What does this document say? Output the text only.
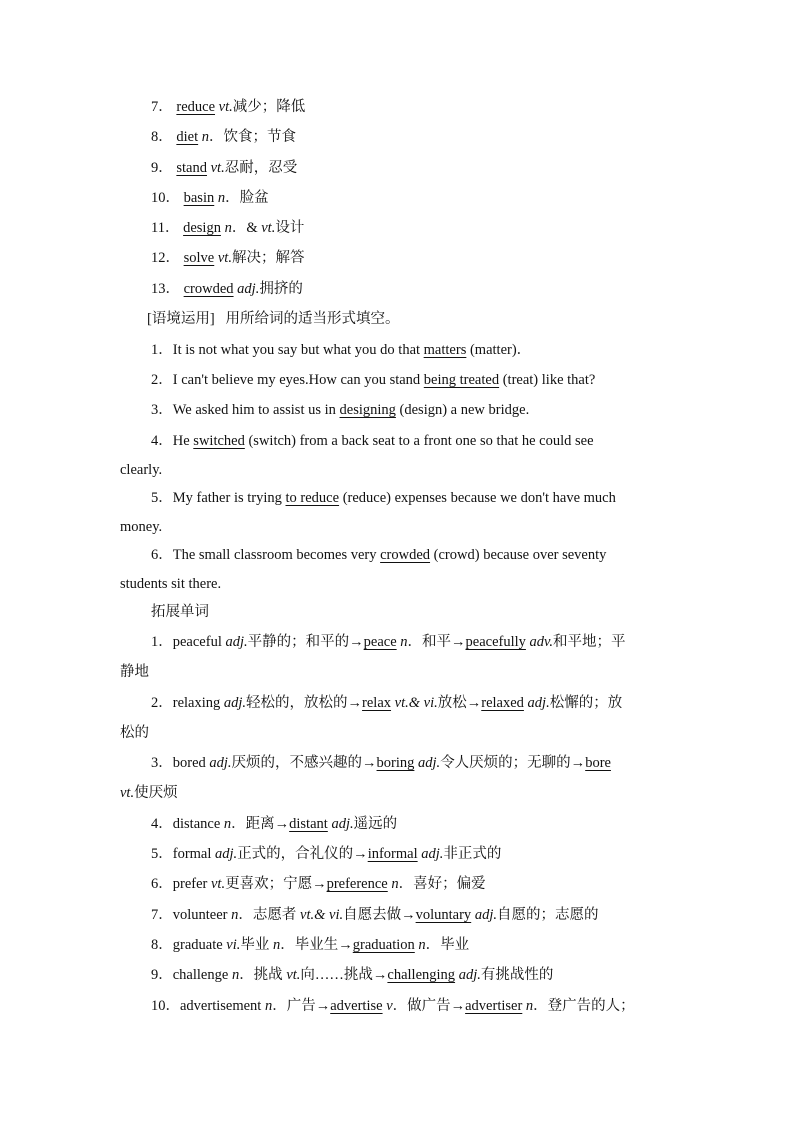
7． reduce vt.减少；降低
8． diet n．饮食；节食
9． stand vt.忍耐，忍受
10． basin n．脸盆
11． design n．& vt.设计
12． solve vt.解决；解答
13． crowded adj.拥挤的
[语境运用] 用所给词的适当形式填空。
1．It is not what you say but what you do that matters (matter)．
2．I can't believe my eyes.How can you stand being treated (treat) like that?
3．We asked him to assist us in designing (design) a new bridge.
4．He switched (switch) from a back seat to a front one so that he could see
clearly.
5．My father is trying to reduce (reduce) expenses because we don't have much
money.
6．The small classroom becomes very crowded (crowd) because over seventy
students sit there.
拓展单词
1．peaceful adj.平静的；和平的→peace n．和平→peacefully adv.和平地；平
静地
2．relaxing adj.轻松的，放松的→relax vt.& vi.放松→relaxed adj.松懈的；放
松的
3．bored adj.厌烦的，不感兴趣的→boring adj.令人厌烦的；无聊的→bore
vt.使厌烦
4．distance n．距离→distant adj.遥远的
5．formal adj.正式的，合礼仪的→informal adj.非正式的
6．prefer vt.更喜欢；宁愿→preference n．喜好；偏爱
7．volunteer n．志愿者 vt.& vi.自愿去做→voluntary adj.自愿的；志愿的
8．graduate vi.毕业 n．毕业生→graduation n．毕业
9．challenge n．挑战 vt.向……挑战→challenging adj.有挑战性的
10．advertisement n．广告→advertise v．做广告→advertiser n．登广告的人；
